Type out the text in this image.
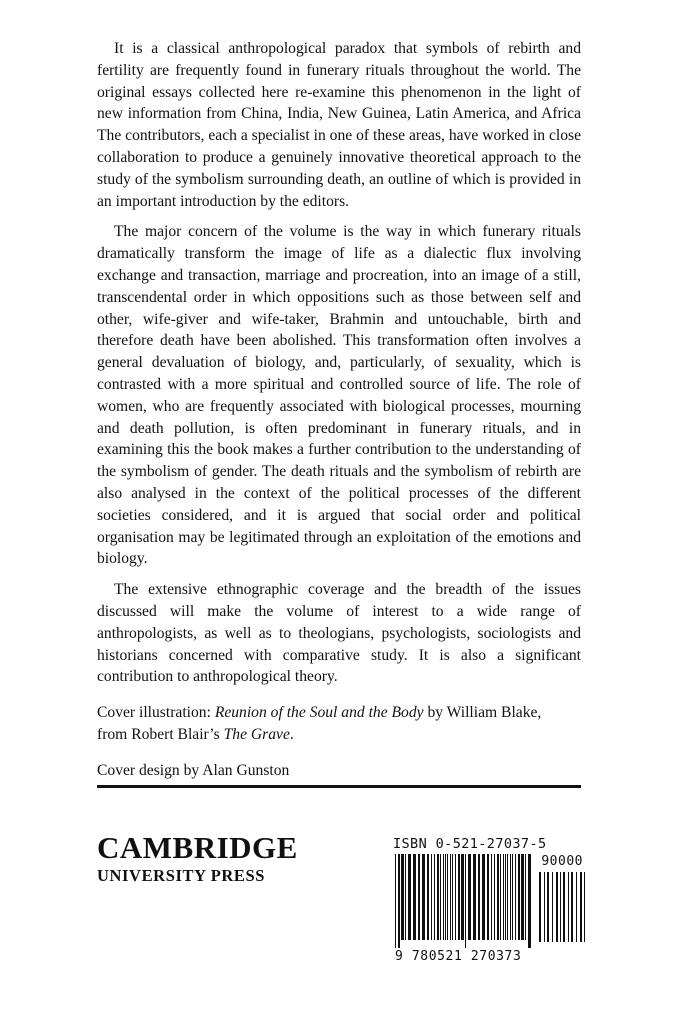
It is a classical anthropological paradox that symbols of rebirth and fertility are frequently found in funerary rituals throughout the world. The original essays collected here re-examine this phenomenon in the light of new information from China, India, New Guinea, Latin America, and Africa The contributors, each a specialist in one of these areas, have worked in close collaboration to produce a genuinely innovative theoretical approach to the study of the symbolism surrounding death, an outline of which is provided in an important introduction by the editors.

The major concern of the volume is the way in which funerary rituals dramatically transform the image of life as a dialectic flux involving exchange and transaction, marriage and procreation, into an image of a still, transcendental order in which oppositions such as those between self and other, wife-giver and wife-taker, Brahmin and untouchable, birth and therefore death have been abolished. This transformation often involves a general devaluation of biology, and, particularly, of sexuality, which is contrasted with a more spiritual and controlled source of life. The role of women, who are frequently associated with biological processes, mourning and death pollution, is often predominant in funerary rituals, and in examining this the book makes a further contribution to the understanding of the symbolism of gender. The death rituals and the symbolism of rebirth are also analysed in the context of the political processes of the different societies considered, and it is argued that social order and political organisation may be legitimated through an exploitation of the emotions and biology.

The extensive ethnographic coverage and the breadth of the issues discussed will make the volume of interest to a wide range of anthropologists, as well as to theologians, psychologists, sociologists and historians concerned with comparative study. It is also a significant contribution to anthropological theory.

Cover illustration: Reunion of the Soul and the Body by William Blake,
from Robert Blair’s The Grave.

Cover design by Alan Gunston

CAMBRIDGE
UNIVERSITY PRESS
ISBN 0-521-27037-5
90000
9 780521 270373
